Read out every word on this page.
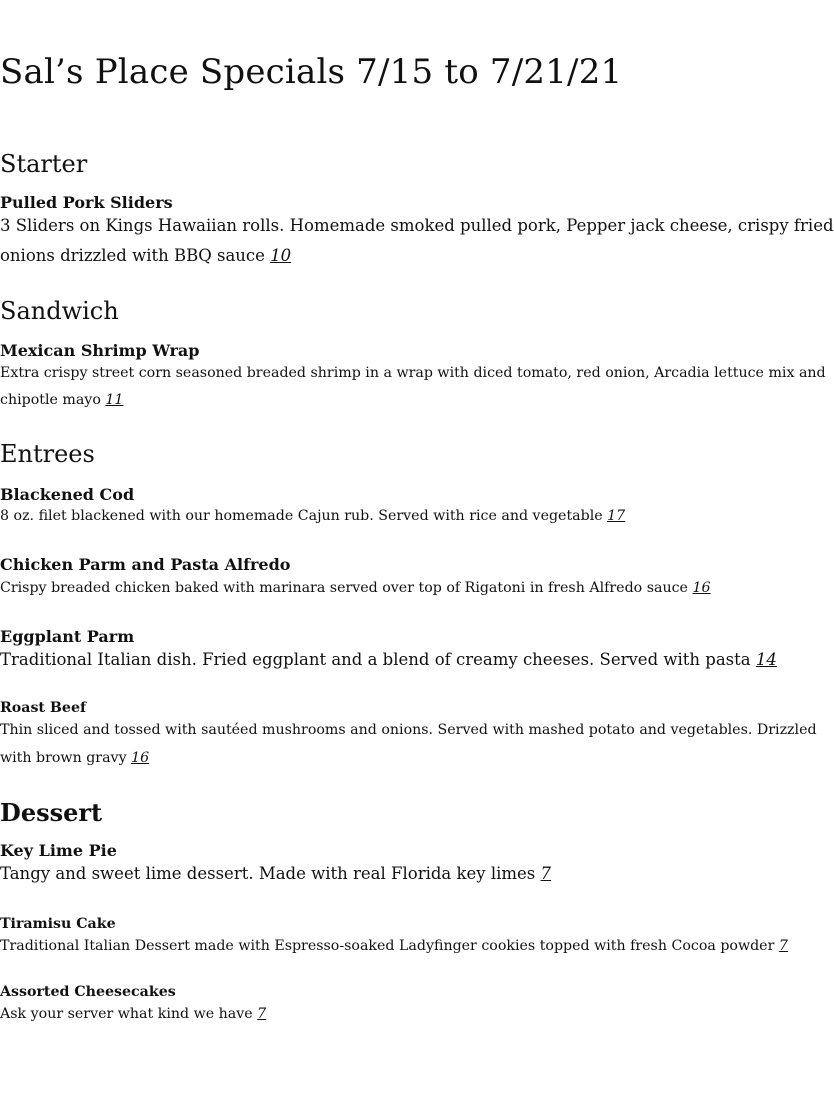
Sal’s Place Specials 7/15 to 7/21/21
Starter
Pulled Pork Sliders
3 Sliders on Kings Hawaiian rolls. Homemade smoked pulled pork, Pepper jack cheese, crispy fried
onions drizzled with BBQ sauce 10
Sandwich
Mexican Shrimp Wrap
Extra crispy street corn seasoned breaded shrimp in a wrap with diced tomato, red onion, Arcadia lettuce mix and
chipotle mayo 11
Entrees
Blackened Cod
8 oz. filet blackened with our homemade Cajun rub. Served with rice and vegetable 17
Chicken Parm and Pasta Alfredo
Crispy breaded chicken baked with marinara served over top of Rigatoni in fresh Alfredo sauce 16
Eggplant Parm
Traditional Italian dish. Fried eggplant and a blend of creamy cheeses. Served with pasta 14
Roast Beef
Thin sliced and tossed with sautéed mushrooms and onions. Served with mashed potato and vegetables. Drizzled
with brown gravy 16
Dessert
Key Lime Pie
Tangy and sweet lime dessert. Made with real Florida key limes 7
Tiramisu Cake
Traditional Italian Dessert made with Espresso-soaked Ladyfinger cookies topped with fresh Cocoa powder 7
Assorted Cheesecakes
Ask your server what kind we have 7
